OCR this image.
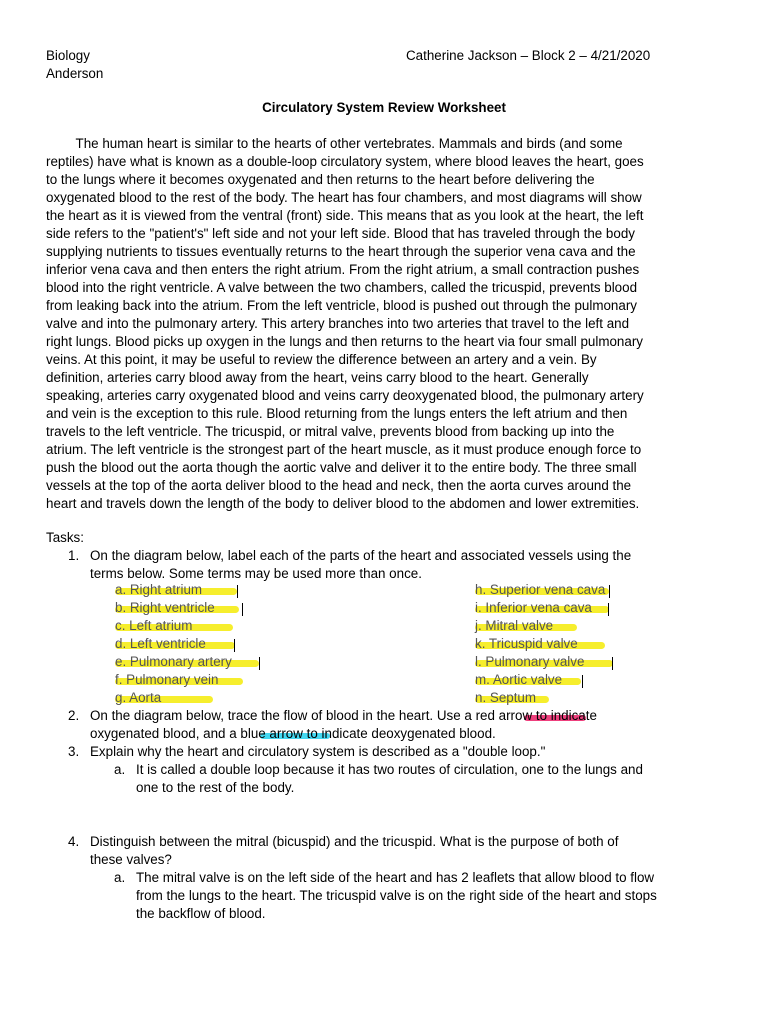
Biology
Anderson
Catherine Jackson – Block 2 – 4/21/2020
Circulatory System Review Worksheet
The human heart is similar to the hearts of other vertebrates. Mammals and birds (and some
reptiles) have what is known as a double-loop circulatory system, where blood leaves the heart, goes
to the lungs where it becomes oxygenated and then returns to the heart before delivering the
oxygenated blood to the rest of the body. The heart has four chambers, and most diagrams will show
the heart as it is viewed from the ventral (front) side. This means that as you look at the heart, the left
side refers to the "patient's" left side and not your left side. Blood that has traveled through the body
supplying nutrients to tissues eventually returns to the heart through the superior vena cava and the
inferior vena cava and then enters the right atrium. From the right atrium, a small contraction pushes
blood into the right ventricle. A valve between the two chambers, called the tricuspid, prevents blood
from leaking back into the atrium. From the left ventricle, blood is pushed out through the pulmonary
valve and into the pulmonary artery. This artery branches into two arteries that travel to the left and
right lungs. Blood picks up oxygen in the lungs and then returns to the heart via four small pulmonary
veins. At this point, it may be useful to review the difference between an artery and a vein. By
definition, arteries carry blood away from the heart, veins carry blood to the heart. Generally
speaking, arteries carry oxygenated blood and veins carry deoxygenated blood, the pulmonary artery
and vein is the exception to this rule. Blood returning from the lungs enters the left atrium and then
travels to the left ventricle. The tricuspid, or mitral valve, prevents blood from backing up into the
atrium. The left ventricle is the strongest part of the heart muscle, as it must produce enough force to
push the blood out the aorta though the aortic valve and deliver it to the entire body. The three small
vessels at the top of the aorta deliver blood to the head and neck, then the aorta curves around the
heart and travels down the length of the body to deliver blood to the abdomen and lower extremities.
Tasks:
1. On the diagram below, label each of the parts of the heart and associated vessels using the
terms below. Some terms may be used more than once.
a. Right atrium
b. Right ventricle
c. Left atrium
d. Left ventricle
e. Pulmonary artery
f. Pulmonary vein
g. Aorta
h. Superior vena cava
i. Inferior vena cava
j. Mitral valve
k. Tricuspid valve
l. Pulmonary valve
m. Aortic valve
n. Septum
2. On the diagram below, trace the flow of blood in the heart. Use a red arrow to indicate
oxygenated blood, and a blue arrow to indicate deoxygenated blood.
3. Explain why the heart and circulatory system is described as a "double loop."
a. It is called a double loop because it has two routes of circulation, one to the lungs and
one to the rest of the body.
4. Distinguish between the mitral (bicuspid) and the tricuspid. What is the purpose of both of
these valves?
a. The mitral valve is on the left side of the heart and has 2 leaflets that allow blood to flow
from the lungs to the heart. The tricuspid valve is on the right side of the heart and stops
the backflow of blood.
